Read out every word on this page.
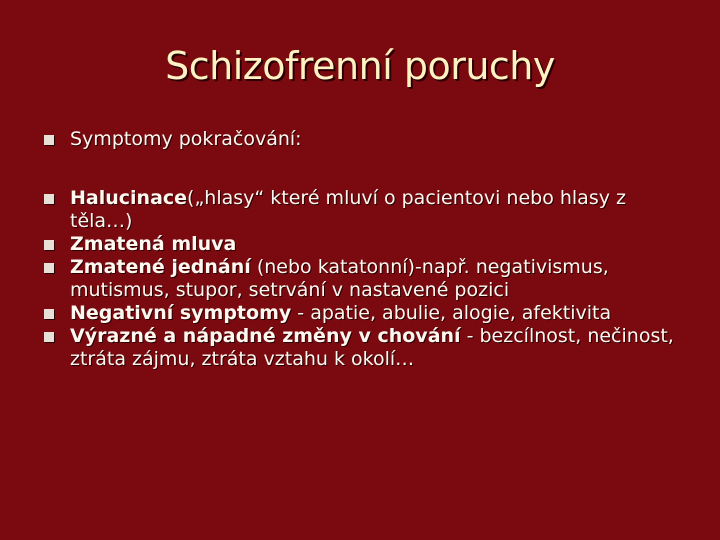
Schizofrenní poruchy
Symptomy pokračování:
Halucinace(„hlasy“ které mluví o pacientovi nebo hlasy z těla…)
Zmatená mluva
Zmatené jednání (nebo katatonní)-např. negativismus, mutismus, stupor, setrvání v nastavené pozici
Negativní symptomy - apatie, abulie, alogie, afektivita
Výrazné a nápadné změny v chování - bezcílnost, nečinost, ztráta zájmu, ztráta vztahu k okolí…
